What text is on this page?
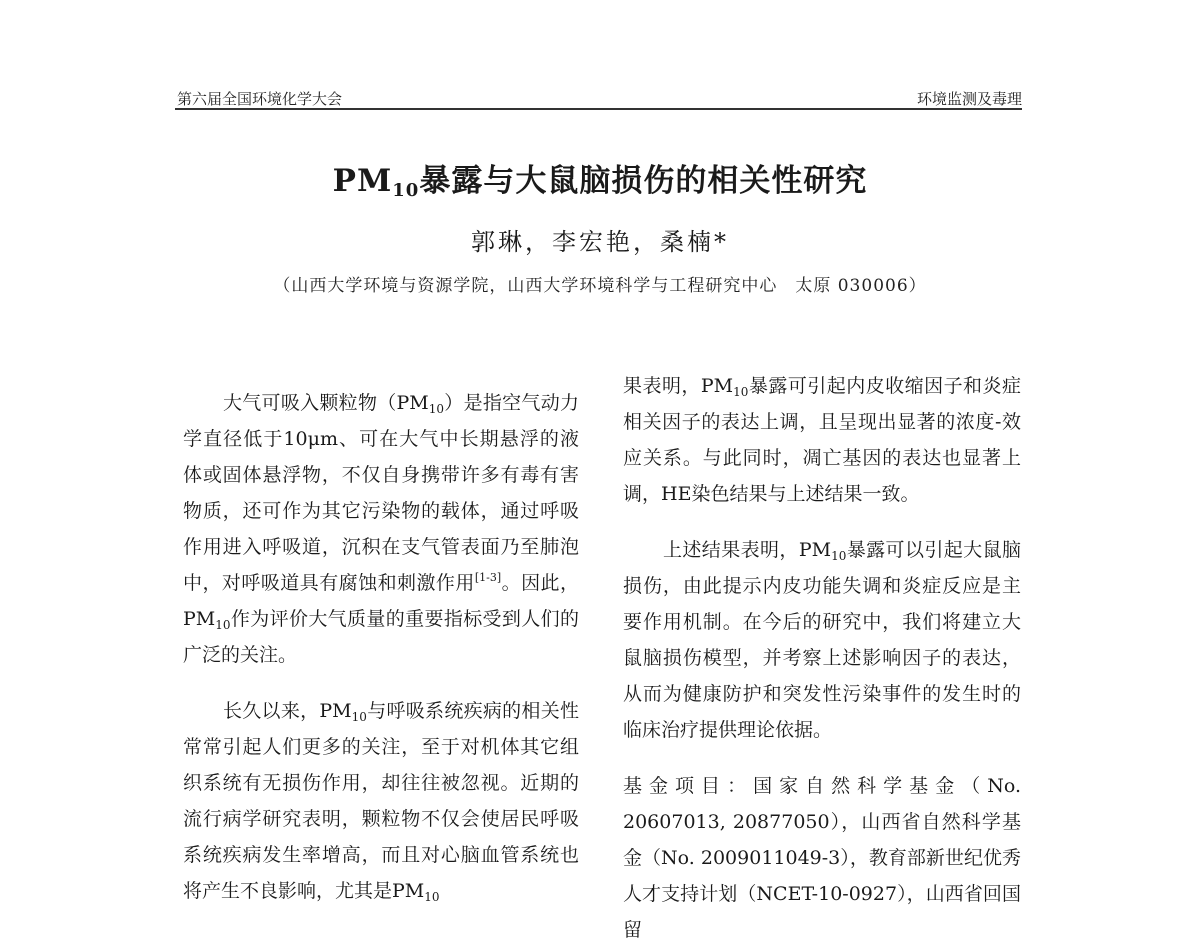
第六届全国环境化学大会	环境监测及毒理
$PM_{10}$暴露与大鼠脑损伤的相关性研究
郭琳，李宏艳，桑楠*
（山西大学环境与资源学院，山西大学环境科学与工程研究中心　太原 030006）

大气可吸入颗粒物$(PM_{10})$是指空气动力学直径低于10μm、可在大气中长期悬浮的液体或固体悬浮物，不仅自身携带许多有毒有害物质，还可作为其它污染物的载体，通过呼吸作用进入呼吸道，沉积在支气管表面乃至肺泡中，对呼吸道具有腐蚀和刺激作用[1-3]。因此，$PM_{10}$作为评价大气质量的重要指标受到人们的广泛的关注。

长久以来，$PM_{10}$与呼吸系统疾病的相关性常常引起人们更多的关注，至于对机体其它组织系统有无损伤作用，却往往被忽视。近期的流行病学研究表明，颗粒物不仅会使居民呼吸系统疾病发生率增高，而且对心脑血管系统也将产生不良影响，尤其是$PM_{10}$

果表明，$PM_{10}$暴露可引起内皮收缩因子和炎症相关因子的表达上调，且呈现出显著的浓度-效应关系。与此同时，凋亡基因的表达也显著上调，HE染色结果与上述结果一致。

上述结果表明，$PM_{10}$暴露可以引起大鼠脑损伤，由此提示内皮功能失调和炎症反应是主要作用机制。在今后的研究中，我们将建立大鼠脑损伤模型，并考察上述影响因子的表达，从而为健康防护和突发性污染事件的发生时的临床治疗提供理论依据。

基金项目：国家自然科学基金（No. 20607013, 20877050），山西省自然科学基金（No. 2009011049-3），教育部新世纪优秀人才支持计划（NCET-10-0927），山西省回国留
